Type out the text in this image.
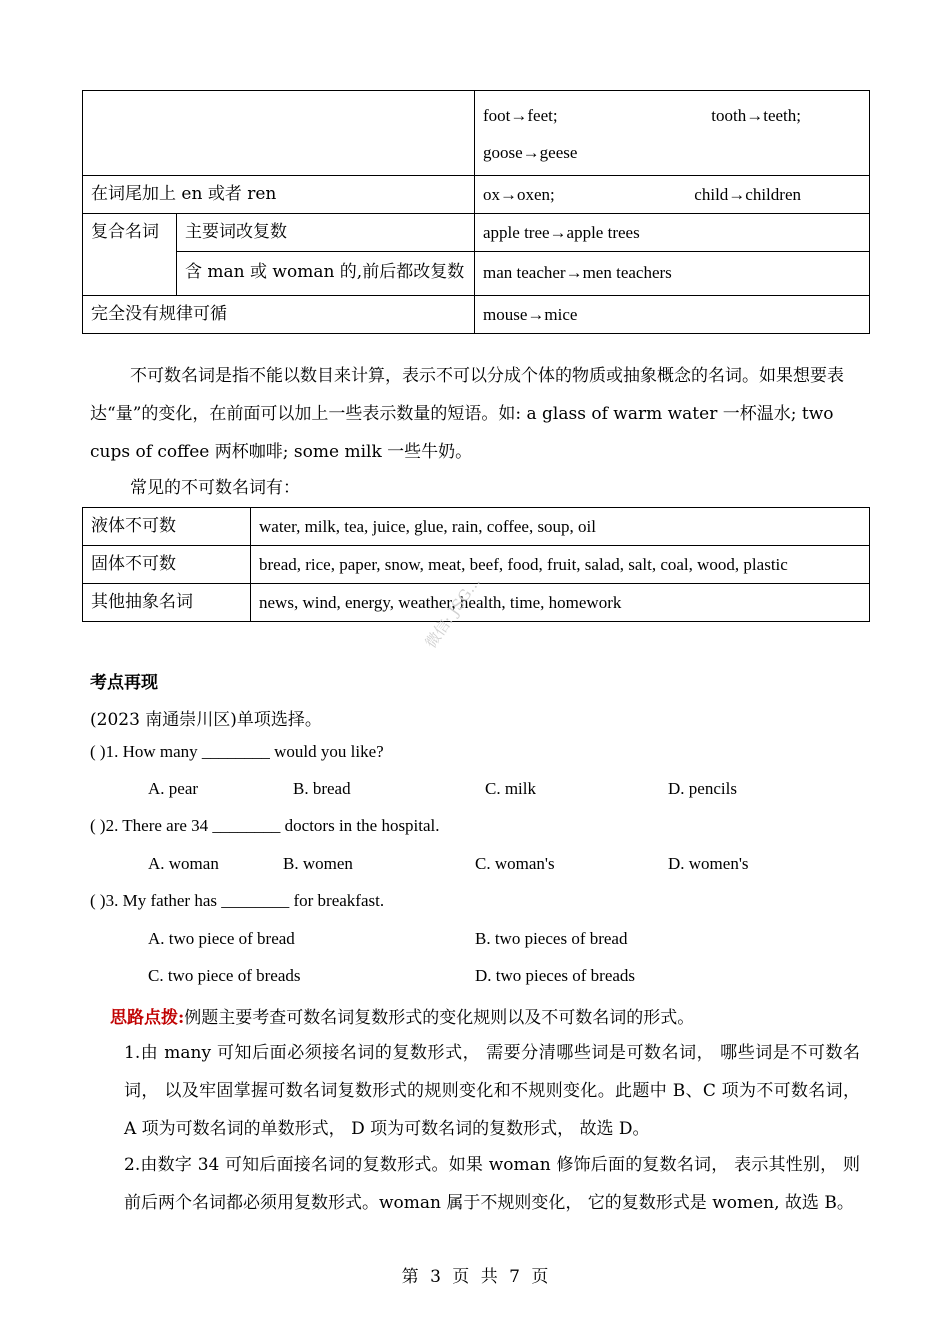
		foot→feet; tooth→teeth;
goose→geese

在词尾加上 en 或者 ren		ox→oxen; child→children

复合名词	主要词改复数	apple tree→apple trees
	含 man 或 woman 的,前后都改复数	man teacher→men teachers
完全没有规律可循		mouse→mice
不可数名词是指不能以数目来计算，表示不可以分成个体的物质或抽象概念的名词。如果想要表达“量”的变化，在前面可以加上一些表示数量的短语。如: a glass of warm water 一杯温水; two cups of coffee 两杯咖啡; some milk 一些牛奶。
常见的不可数名词有：
液体不可数	water, milk, tea, juice, glue, rain, coffee, soup, oil
固体不可数	bread, rice, paper, snow, meat, beef, food, fruit, salad, salt, coal, wood, plastic
其他抽象名词	news, wind, energy, weather, health, time, homework
考点再现
(2023 南通崇川区)单项选择。
( )1. How many ________ would you like?
A. pear	B. bread	C. milk	D. pencils
( )2. There are 34 ________ doctors in the hospital.
A. woman	B. women	C. woman's	D. women's
( )3. My father has ________ for breakfast.
A. two piece of bread	B. two pieces of bread
C. two piece of breads	D. two pieces of breads
思路点拨:例题主要考查可数名词复数形式的变化规则以及不可数名词的形式。
1.由 many 可知后面必须接名词的复数形式， 需要分清哪些词是可数名词， 哪些词是不可数名词， 以及牢固掌握可数名词复数形式的规则变化和不规则变化。此题中 B、C 项为不可数名词， A 项为可数名词的单数形式， D 项为可数名词的复数形式， 故选 D。
2.由数字 34 可知后面接名词的复数形式。如果 woman 修饰后面的复数名词， 表示其性别， 则前后两个名词都必须用复数形式。woman 属于不规则变化， 它的复数形式是 women, 故选 B。
微信: JSG…
第 3 页 共 7 页
